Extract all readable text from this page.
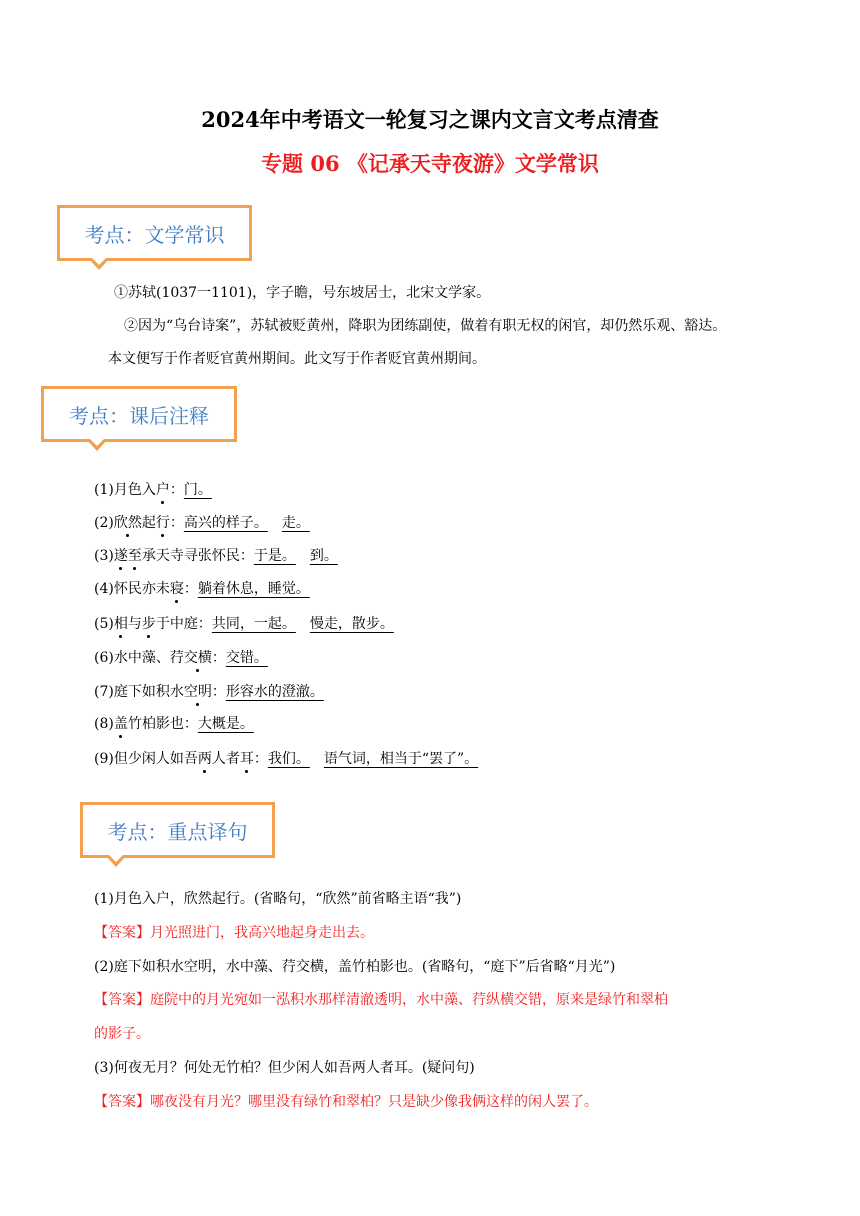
2024年中考语文一轮复习之课内文言文考点清查
专题 06 《记承天寺夜游》文学常识
考点：文学常识
①苏轼(1037一1101)，字子瞻，号东坡居士，北宋文学家。
②因为“乌台诗案”，苏轼被贬黄州，降职为团练副使，做着有职无权的闲官，却仍然乐观、豁达。
本文便写于作者贬官黄州期间。此文写于作者贬官黄州期间。
考点：课后注释
(1)月色入户：门。
(2)欣然起行：高兴的样子。 走。
(3)遂至承天寺寻张怀民：于是。 到。
(4)怀民亦未寝：躺着休息，睡觉。
(5)相与步于中庭：共同，一起。 慢走，散步。
(6)水中藻、荇交横：交错。
(7)庭下如积水空明：形容水的澄澈。
(8)盖竹柏影也：大概是。
(9)但少闲人如吾两人者耳：我们。 语气词，相当于“罢了”。
考点：重点译句
(1)月色入户，欣然起行。(省略句，“欣然”前省略主语“我”)
【答案】月光照进门，我高兴地起身走出去。
(2)庭下如积水空明，水中藻、荇交横，盖竹柏影也。(省略句，“庭下”后省略“月光”)
【答案】庭院中的月光宛如一泓积水那样清澈透明，水中藻、荇纵横交错，原来是绿竹和翠柏
的影子。
(3)何夜无月？何处无竹柏？但少闲人如吾两人者耳。(疑问句)
【答案】哪夜没有月光？哪里没有绿竹和翠柏？只是缺少像我俩这样的闲人罢了。
